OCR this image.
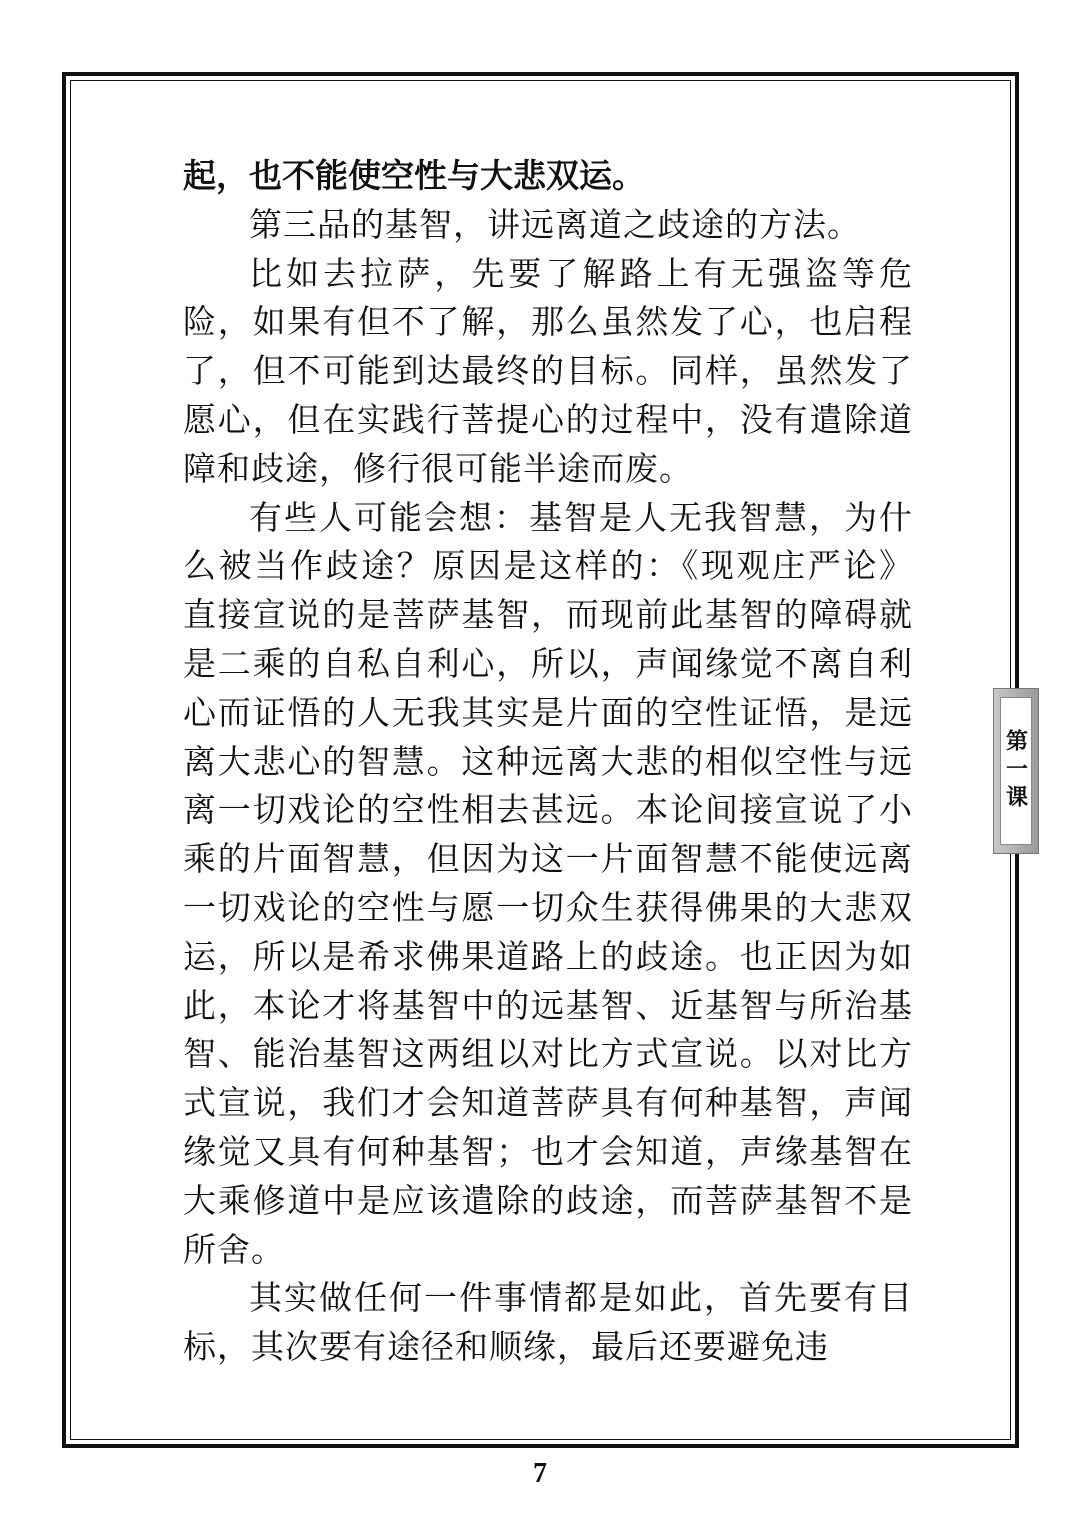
起，也不能使空性与大悲双运。

第三品的基智，讲远离道之歧途的方法。

比如去拉萨，先要了解路上有无强盗等危险，如果有但不了解，那么虽然发了心，也启程了，但不可能到达最终的目标。同样，虽然发了愿心，但在实践行菩提心的过程中，没有遣除道障和歧途，修行很可能半途而废。

有些人可能会想：基智是人无我智慧，为什么被当作歧途？原因是这样的：《现观庄严论》直接宣说的是菩萨基智，而现前此基智的障碍就是二乘的自私自利心，所以，声闻缘觉不离自利心而证悟的人无我其实是片面的空性证悟，是远离大悲心的智慧。这种远离大悲的相似空性与远离一切戏论的空性相去甚远。本论间接宣说了小乘的片面智慧，但因为这一片面智慧不能使远离一切戏论的空性与愿一切众生获得佛果的大悲双运，所以是希求佛果道路上的歧途。也正因为如此，本论才将基智中的远基智、近基智与所治基智、能治基智这两组以对比方式宣说。以对比方式宣说，我们才会知道菩萨具有何种基智，声闻缘觉又具有何种基智；也才会知道，声缘基智在大乘修道中是应该遣除的歧途，而菩萨基智不是所舍。

其实做任何一件事情都是如此，首先要有目标，其次要有途径和顺缘，最后还要避免违

第一课
7
